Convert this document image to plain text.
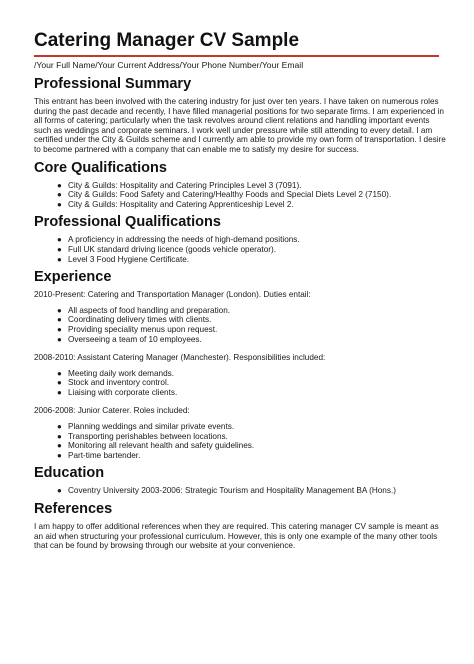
Catering Manager CV Sample

/Your Full Name/Your Current Address/Your Phone Number/Your Email

Professional Summary

This entrant has been involved with the catering industry for just over ten years. I have taken on numerous roles during the past decade and recently, I have filled managerial positions for two separate firms. I am experienced in all forms of catering; particularly when the task revolves around client relations and handling important events such as weddings and corporate seminars. I work well under pressure while still attending to every detail. I am certified under the City & Guilds scheme and I currently am able to provide my own form of transportation. I desire to become partnered with a company that can enable me to satisfy my desire for success.

Core Qualifications
● City & Guilds: Hospitality and Catering Principles Level 3 (7091).
● City & Guilds: Food Safety and Catering/Healthy Foods and Special Diets Level 2 (7150).
● City & Guilds: Hospitality and Catering Apprenticeship Level 2.
Professional Qualifications
● A proficiency in addressing the needs of high-demand positions.
● Full UK standard driving licence (goods vehicle operator).
● Level 3 Food Hygiene Certificate.
Experience

2010-Present: Catering and Transportation Manager (London). Duties entail:

● All aspects of food handling and preparation.
● Coordinating delivery times with clients.
● Providing speciality menus upon request.
● Overseeing a team of 10 employees.

2008-2010: Assistant Catering Manager (Manchester). Responsibilities included:

● Meeting daily work demands.
● Stock and inventory control.
● Liaising with corporate clients.

2006-2008: Junior Caterer. Roles included:

● Planning weddings and similar private events.
● Transporting perishables between locations.
● Monitoring all relevant health and safety guidelines.
● Part-time bartender.
Education
● Coventry University 2003-2006: Strategic Tourism and Hospitality Management BA (Hons.)
References

I am happy to offer additional references when they are required. This catering manager CV sample is meant as an aid when structuring your professional curriculum. However, this is only one example of the many other tools that can be found by browsing through our website at your convenience.
